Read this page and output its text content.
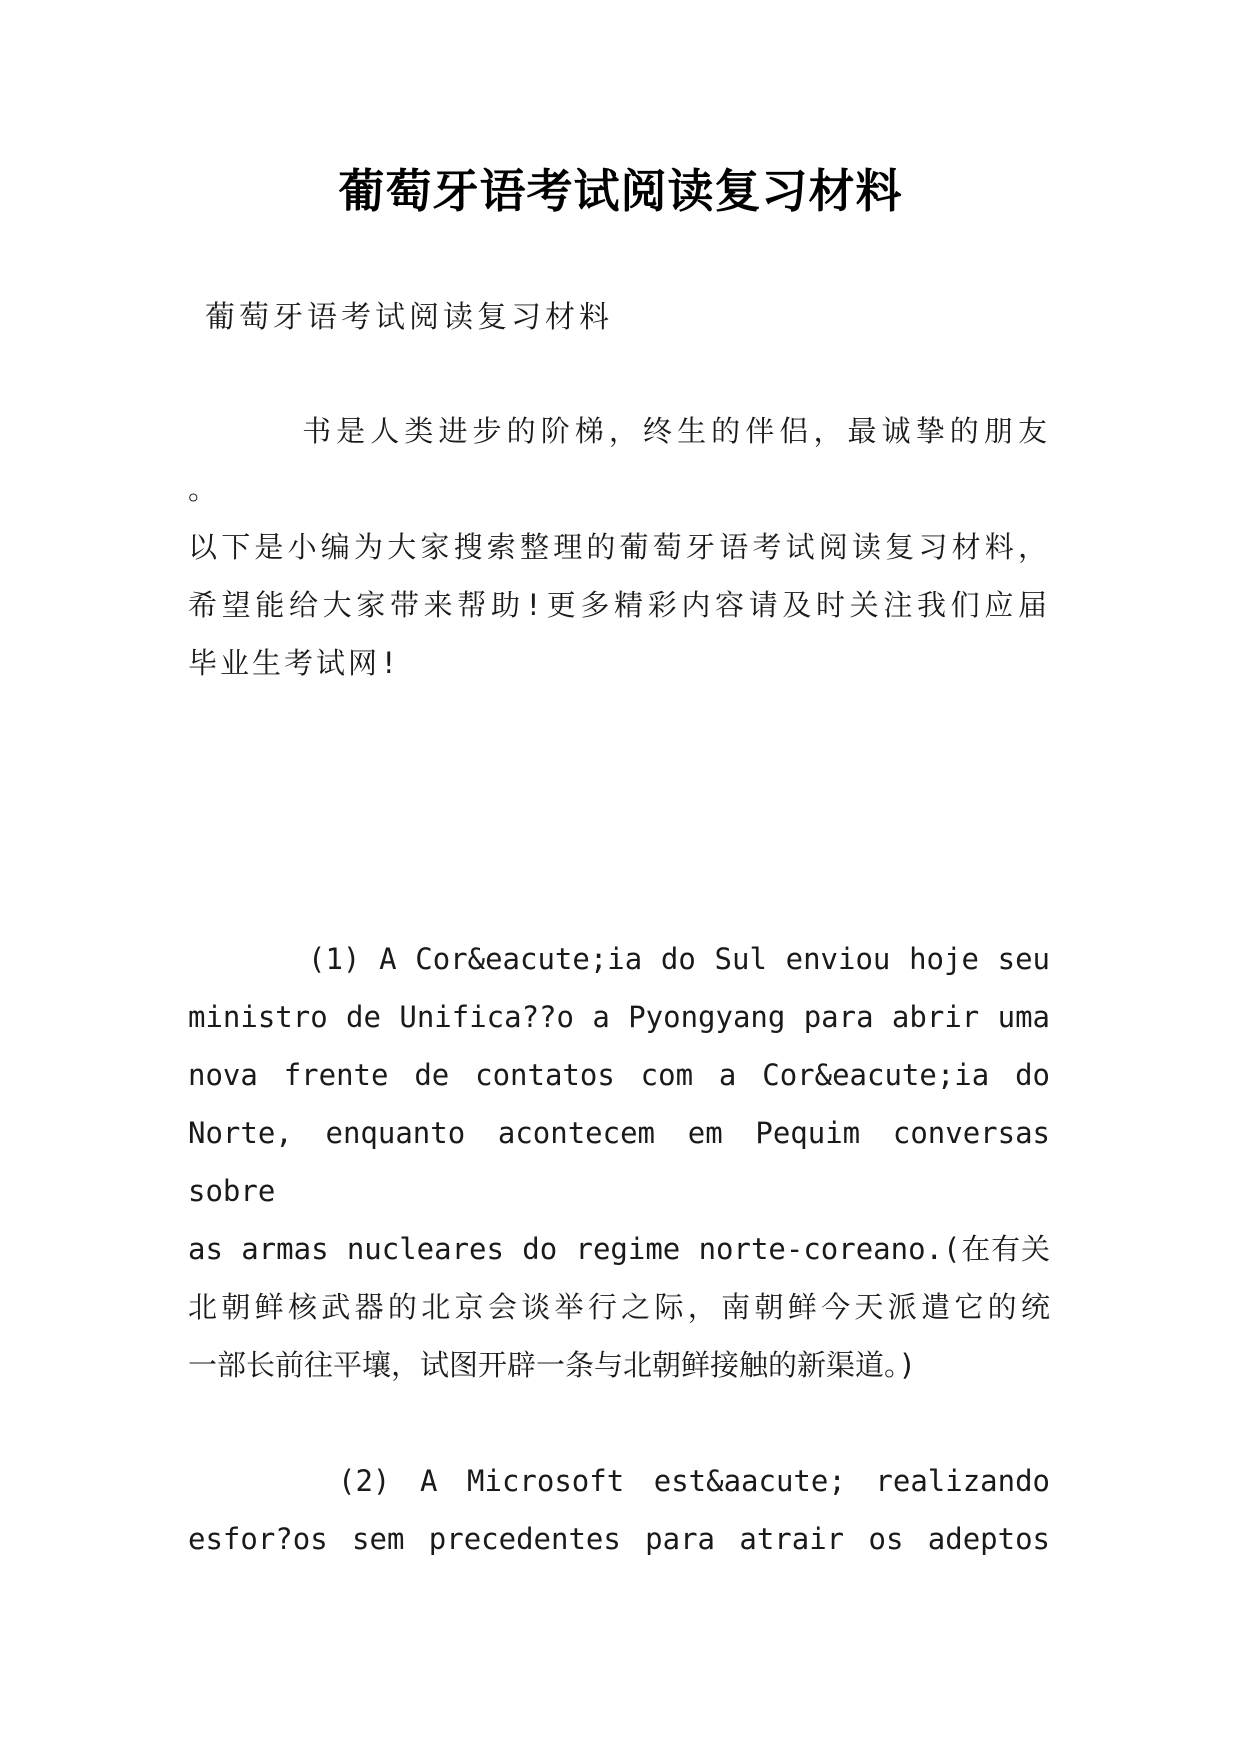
葡萄牙语考试阅读复习材料
葡萄牙语考试阅读复习材料
书是人类进步的阶梯，终生的伴侣，最诚挚的朋友 。
以下是小编为大家搜索整理的葡萄牙语考试阅读复习材料，
希望能给大家带来帮助!更多精彩内容请及时关注我们应届
毕业生考试网!
(1) A Cor&eacute;ia do Sul enviou hoje seu
ministro de Unifica??o a Pyongyang para abrir uma
nova frente de contatos com a Cor&eacute;ia do
Norte, enquanto acontecem em Pequim conversas sobre
as armas nucleares do regime norte-coreano.(在有关
北朝鲜核武器的北京会谈举行之际，南朝鲜今天派遣它的统
一部长前往平壤，试图开辟一条与北朝鲜接触的新渠道。)
(2) A Microsoft est&aacute; realizando
esfor?os sem precedentes para atrair os adeptos
